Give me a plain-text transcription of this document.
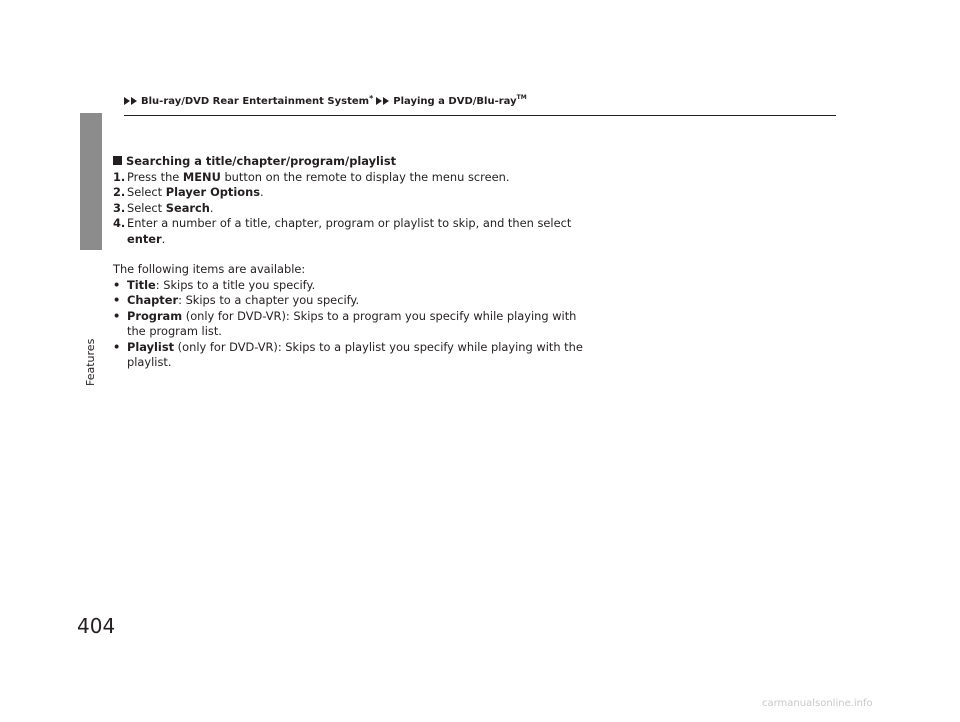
Features
Blu-ray/DVD Rear Entertainment System * Playing a DVD/Blu-ray TM

Searching a title/chapter/program/playlist

1. Press the MENU button on the remote to display the menu screen.

2. Select Player Options.

3. Select Search.

4. Enter a number of a title, chapter, program or playlist to skip, and then select enter.

The following items are available:

• Title: Skips to a title you specify.

• Chapter: Skips to a chapter you specify.

• Program (only for DVD-VR): Skips to a program you specify while playing with the program list.

• Playlist (only for DVD-VR): Skips to a playlist you specify while playing with the playlist.

404
carmanualsonline.info
